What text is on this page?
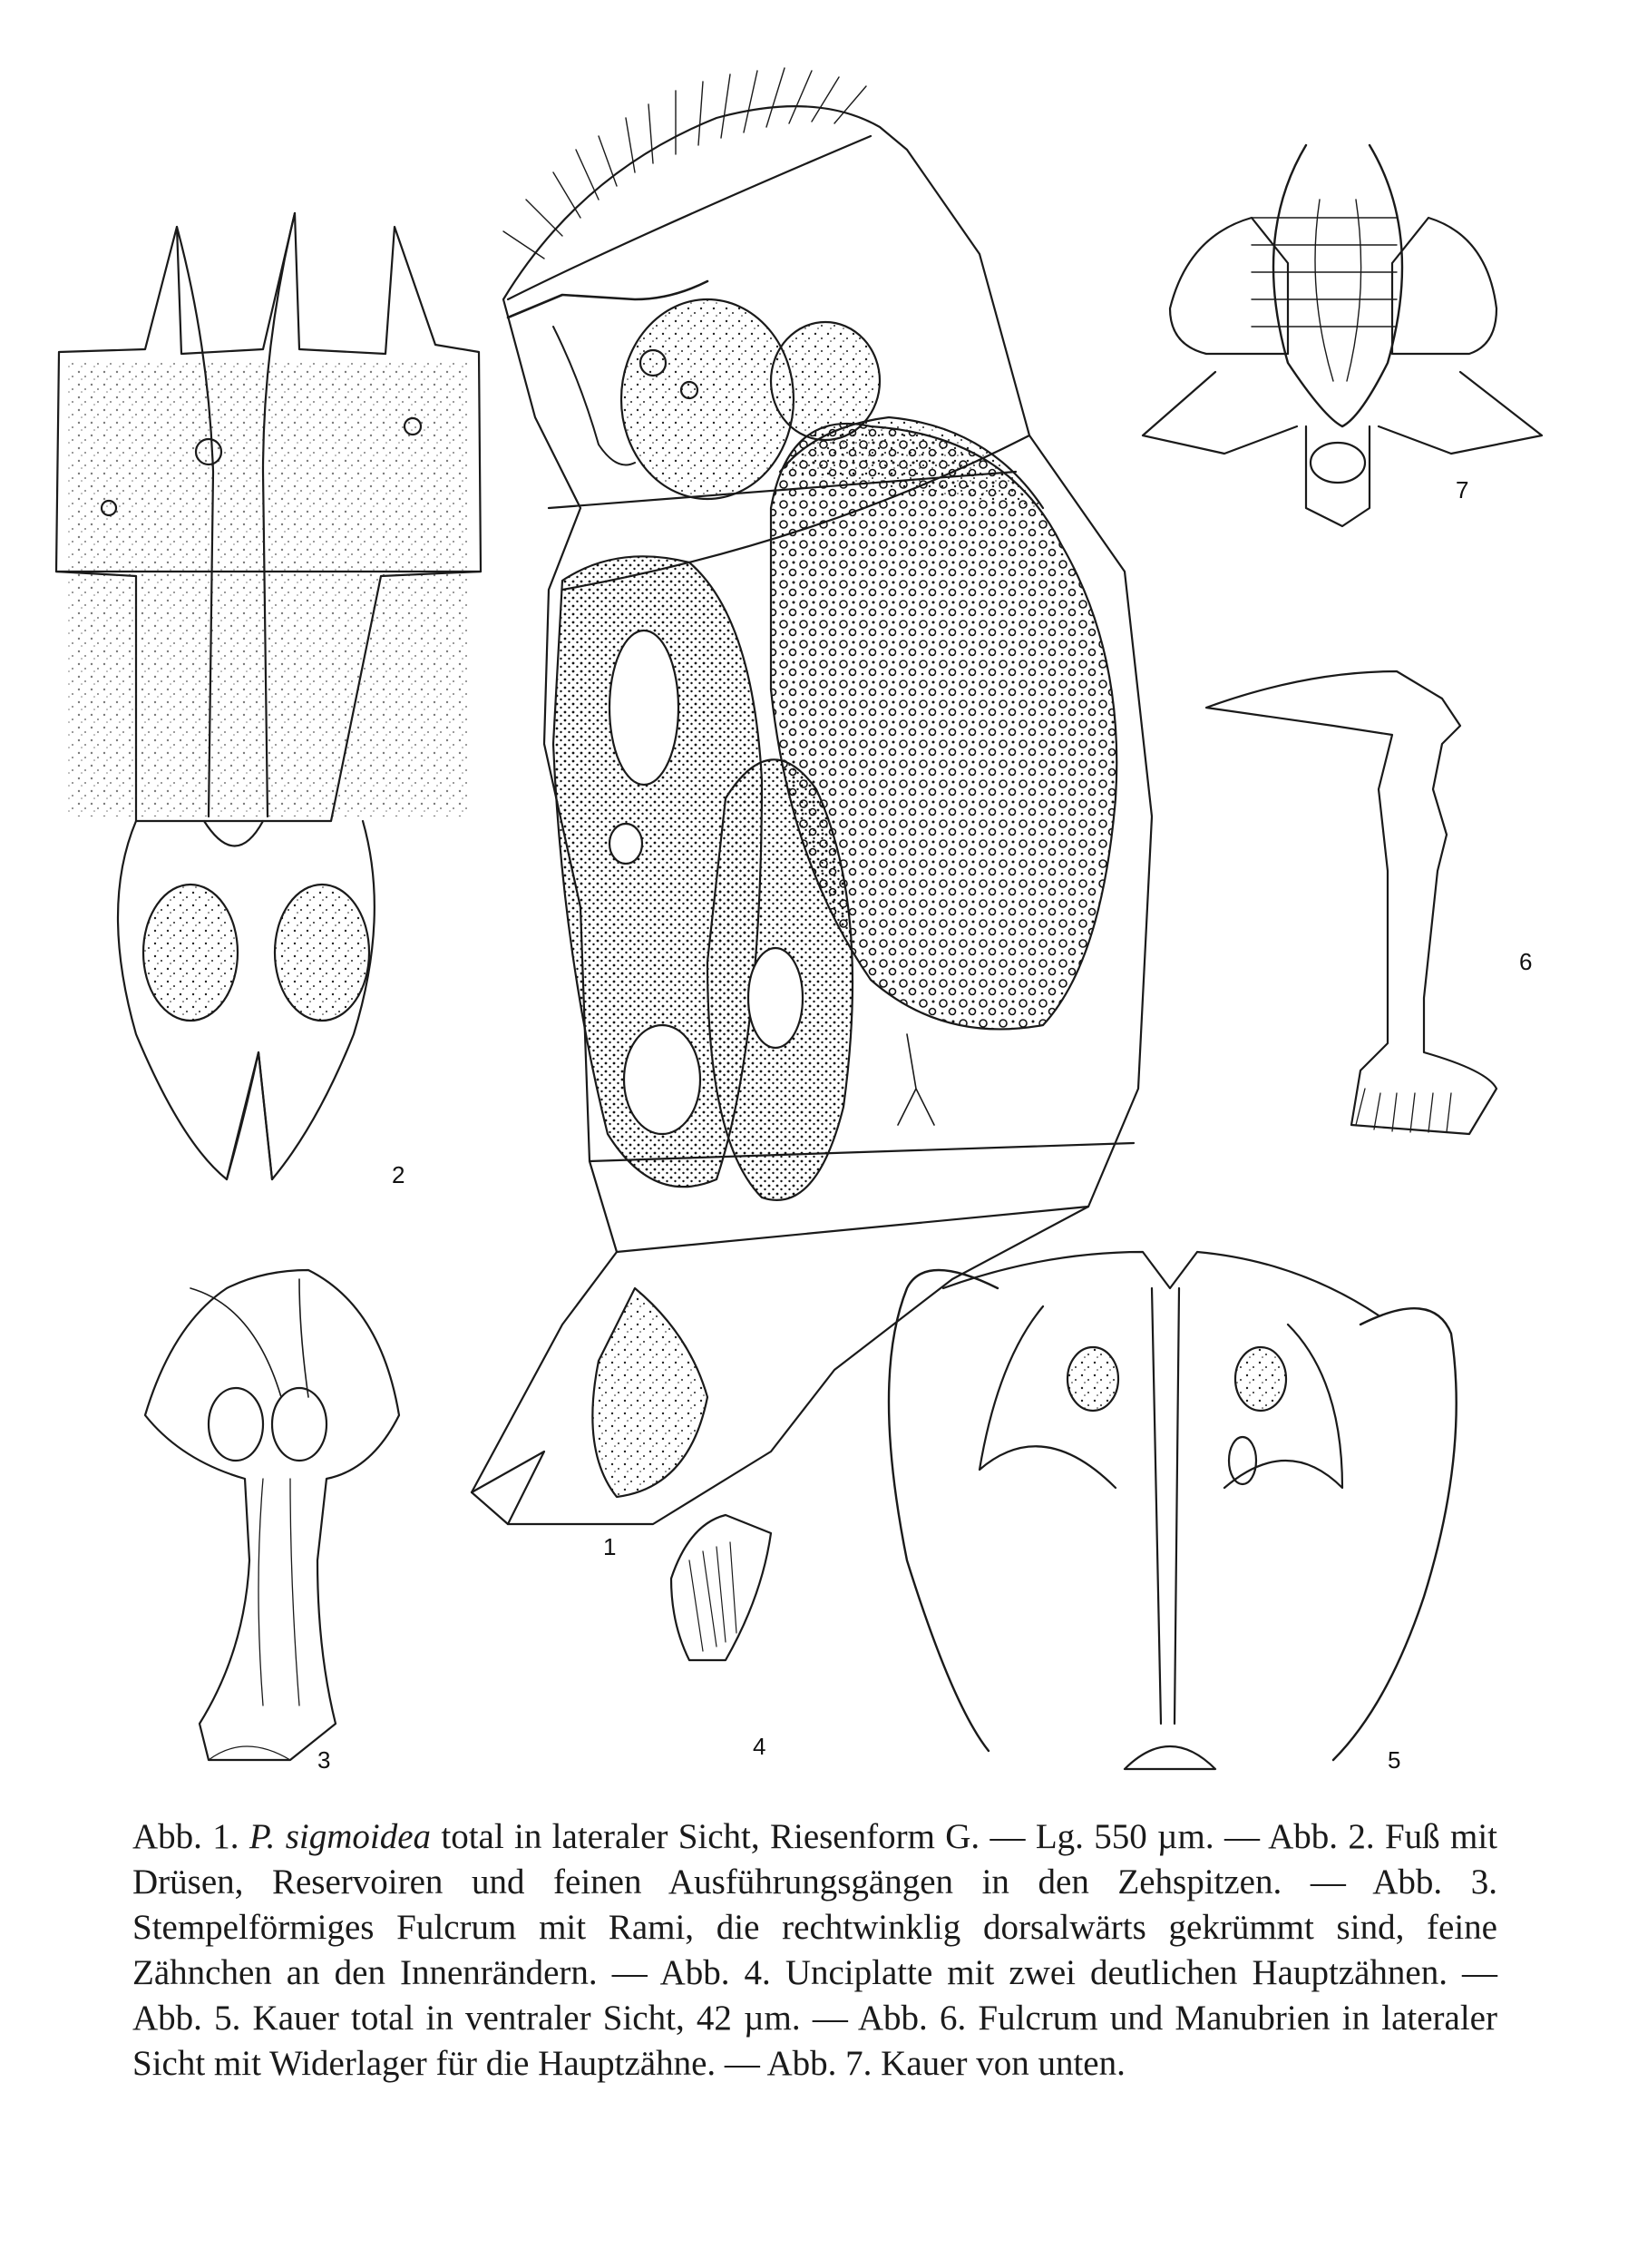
2
1
7
6
3	4	5

Abb. 1. P. sigmoidea total in lateraler Sicht, Riesenform G. — Lg. 550 µm. — Abb. 2. Fuß mit Drüsen, Reservoiren und feinen Ausführungsgängen in den Zehspitzen. — Abb. 3. Stempelförmiges Fulcrum mit Rami, die rechtwinklig dorsalwärts gekrümmt sind, feine Zähnchen an den Innenrändern. — Abb. 4. Unciplatte mit zwei deutlichen Hauptzähnen. — Abb. 5. Kauer total in ventraler Sicht, 42 µm. — Abb. 6. Fulcrum und Manubrien in lateraler Sicht mit Widerlager für die Hauptzähne. — Abb. 7. Kauer von unten.
